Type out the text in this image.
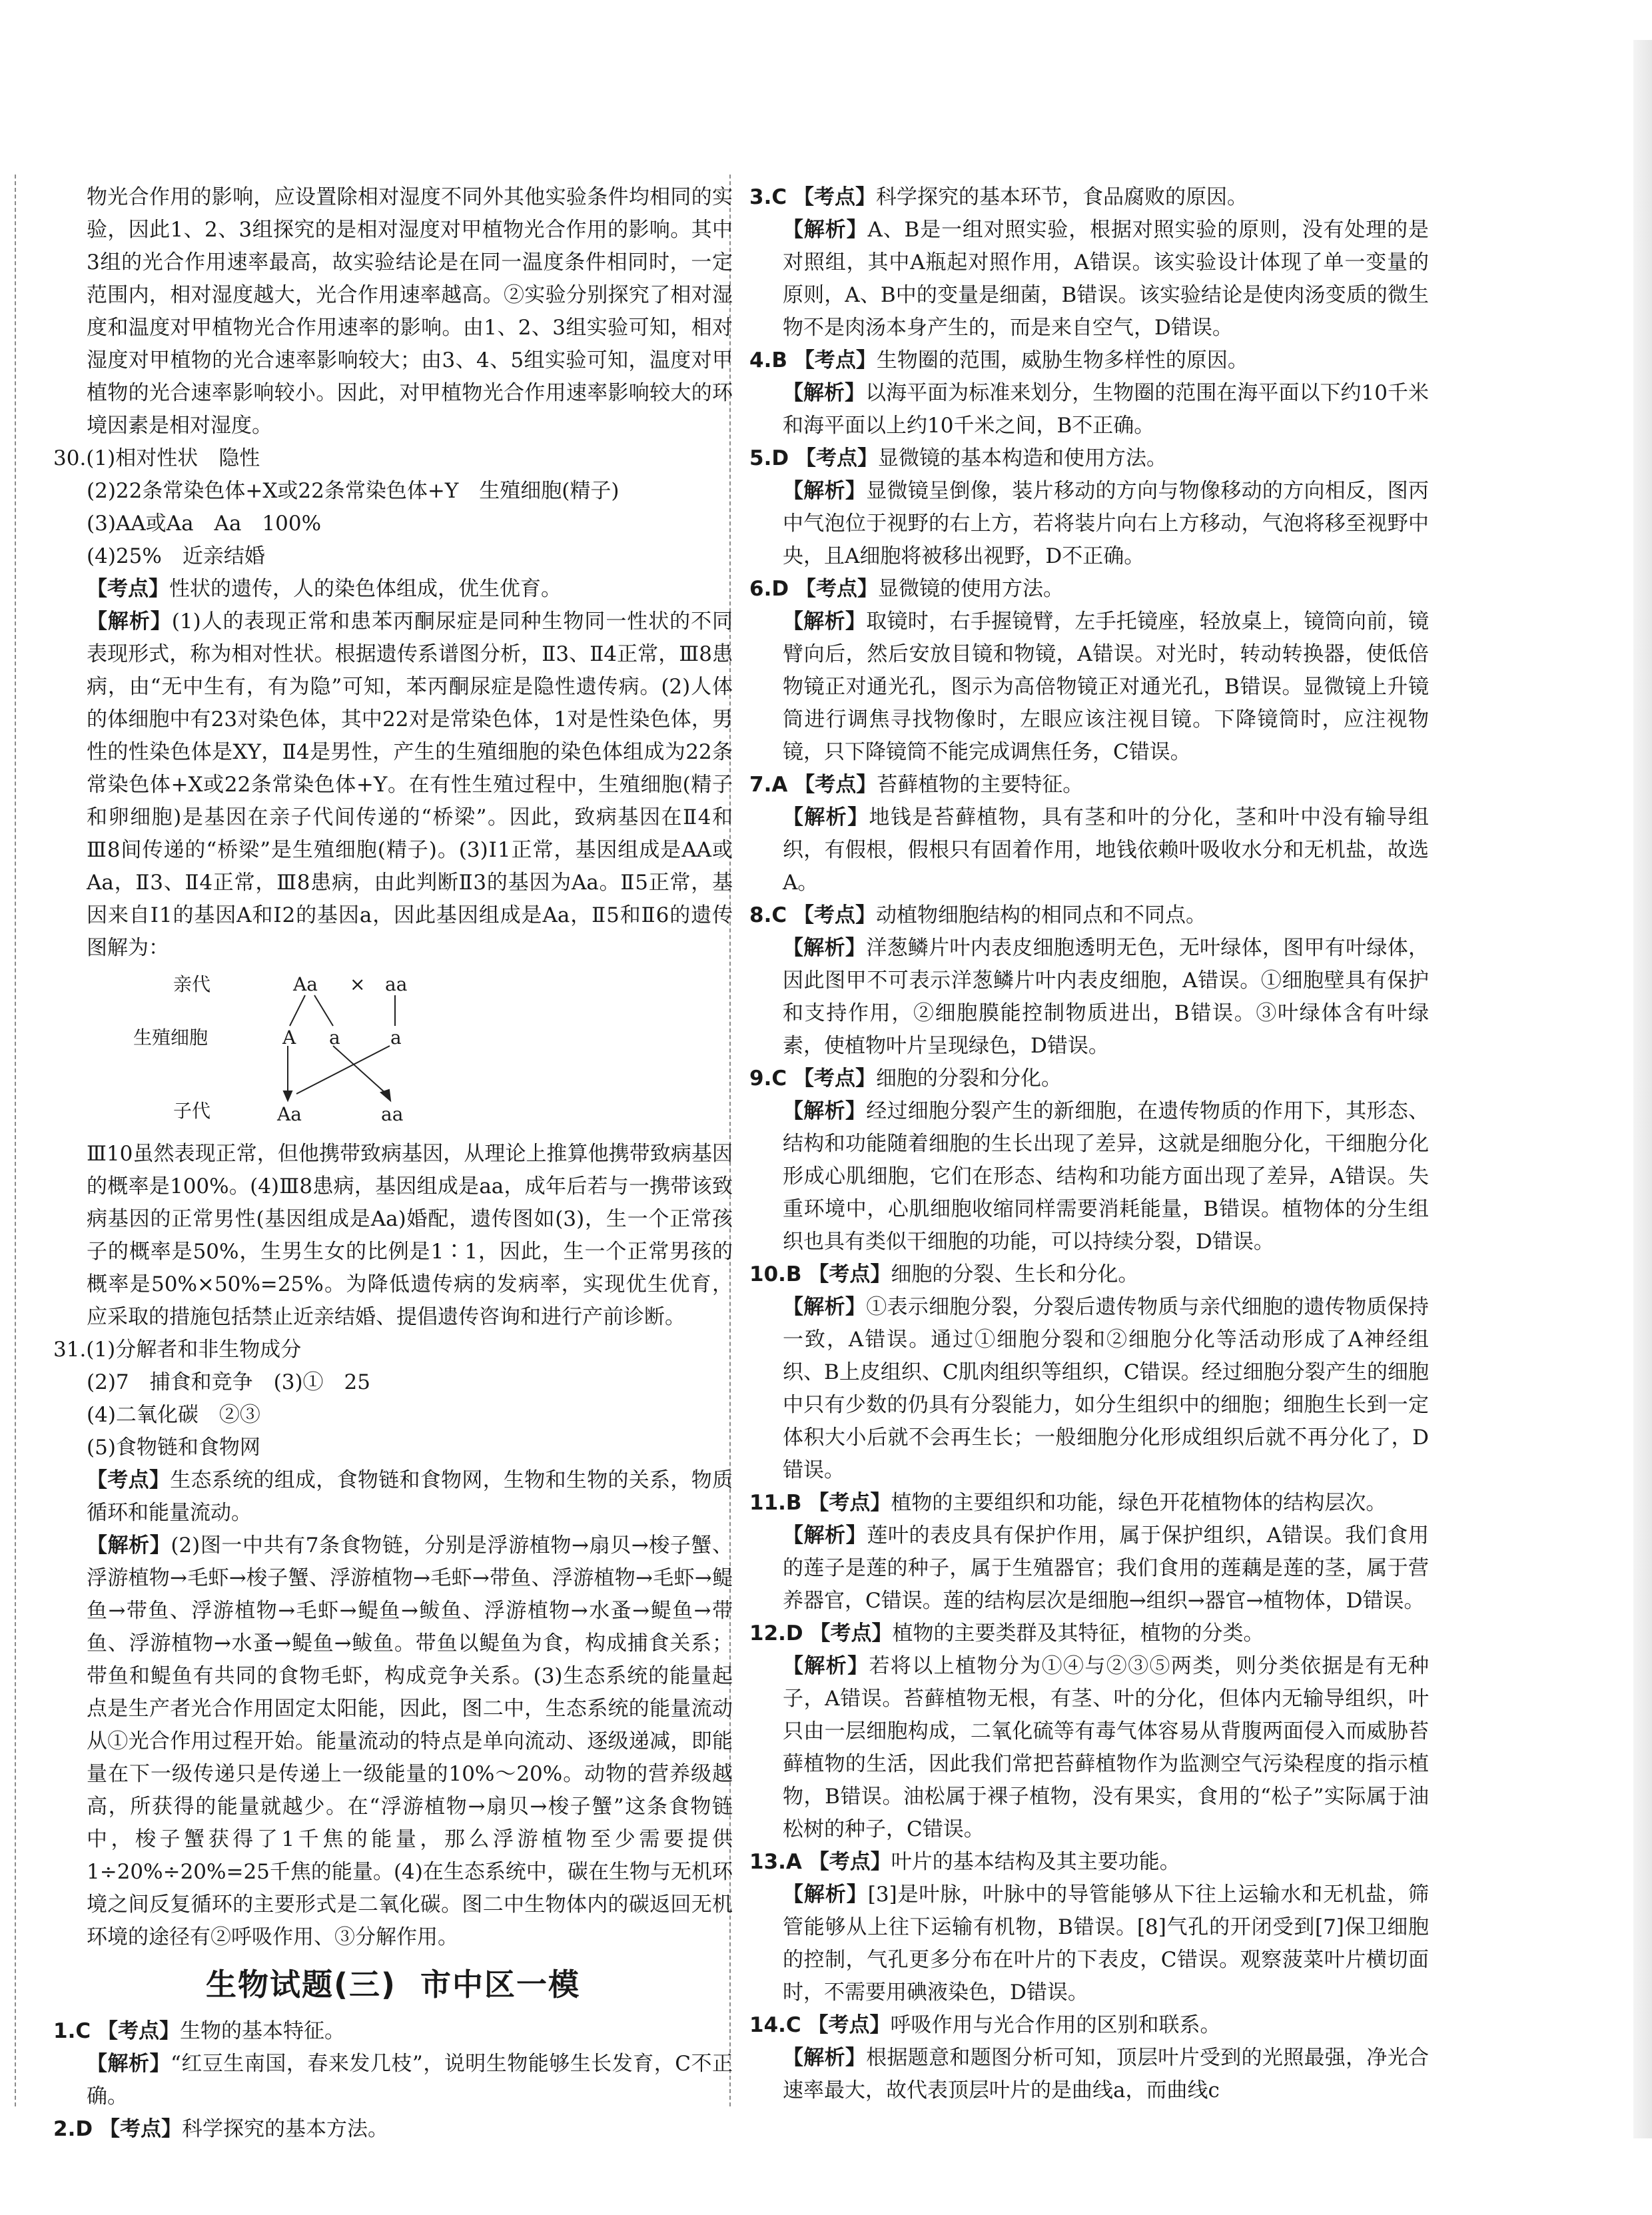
物光合作用的影响，应设置除相对湿度不同外其他实验条件均相同的实验，因此1、2、3组探究的是相对湿度对甲植物光合作用的影响。其中3组的光合作用速率最高，故实验结论是在同一温度条件相同时，一定范围内，相对湿度越大，光合作用速率越高。②实验分别探究了相对湿度和温度对甲植物光合作用速率的影响。由1、2、3组实验可知，相对湿度对甲植物的光合速率影响较大；由3、4、5组实验可知，温度对甲植物的光合速率影响较小。因此，对甲植物光合作用速率影响较大的环境因素是相对湿度。

30.(1)相对性状　隐性

(2)22条常染色体+X或22条常染色体+Y　生殖细胞(精子)

(3)AA或Aa　Aa　100%

(4)25%　近亲结婚

【考点】性状的遗传，人的染色体组成，优生优育。

【解析】(1)人的表现正常和患苯丙酮尿症是同种生物同一性状的不同表现形式，称为相对性状。根据遗传系谱图分析，Ⅱ3、Ⅱ4正常，Ⅲ8患病，由“无中生有，有为隐”可知，苯丙酮尿症是隐性遗传病。(2)人体的体细胞中有23对染色体，其中22对是常染色体，1对是性染色体，男性的性染色体是XY，Ⅱ4是男性，产生的生殖细胞的染色体组成为22条常染色体+X或22条常染色体+Y。在有性生殖过程中，生殖细胞(精子和卵细胞)是基因在亲子代间传递的“桥梁”。因此，致病基因在Ⅱ4和Ⅲ8间传递的“桥梁”是生殖细胞(精子)。(3)Ⅰ1正常，基因组成是AA或Aa，Ⅱ3、Ⅱ4正常，Ⅲ8患病，由此判断Ⅱ3的基因为Aa。Ⅱ5正常，基因来自Ⅰ1的基因A和Ⅰ2的基因a，因此基因组成是Aa，Ⅱ5和Ⅱ6的遗传图解为：

亲代	Aa × aa
生殖细胞	A a	a
子代	Aa	aa

Ⅲ10虽然表现正常，但他携带致病基因，从理论上推算他携带致病基因的概率是100%。(4)Ⅲ8患病，基因组成是aa，成年后若与一携带该致病基因的正常男性(基因组成是Aa)婚配，遗传图如(3)，生一个正常孩子的概率是50%，生男生女的比例是1∶1，因此，生一个正常男孩的概率是50%×50%=25%。为降低遗传病的发病率，实现优生优育，应采取的措施包括禁止近亲结婚、提倡遗传咨询和进行产前诊断。

31.(1)分解者和非生物成分

(2)7　捕食和竞争　(3)①　25

(4)二氧化碳　②③

(5)食物链和食物网

【考点】生态系统的组成，食物链和食物网，生物和生物的关系，物质循环和能量流动。

【解析】(2)图一中共有7条食物链，分别是浮游植物→扇贝→梭子蟹、浮游植物→毛虾→梭子蟹、浮游植物→毛虾→带鱼、浮游植物→毛虾→鳀鱼→带鱼、浮游植物→毛虾→鳀鱼→鲅鱼、浮游植物→水蚤→鳀鱼→带鱼、浮游植物→水蚤→鳀鱼→鲅鱼。带鱼以鳀鱼为食，构成捕食关系；带鱼和鳀鱼有共同的食物毛虾，构成竞争关系。(3)生态系统的能量起点是生产者光合作用固定太阳能，因此，图二中，生态系统的能量流动从①光合作用过程开始。能量流动的特点是单向流动、逐级递减，即能量在下一级传递只是传递上一级能量的10%～20%。动物的营养级越高，所获得的能量就越少。在“浮游植物→扇贝→梭子蟹”这条食物链中，梭子蟹获得了1千焦的能量，那么浮游植物至少需要提供1÷20%÷20%=25千焦的能量。(4)在生态系统中，碳在生物与无机环境之间反复循环的主要形式是二氧化碳。图二中生物体内的碳返回无机环境的途径有②呼吸作用、③分解作用。

生物试题(三) 市中区一模

1.C 【考点】生物的基本特征。

【解析】“红豆生南国，春来发几枝”，说明生物能够生长发育，C不正确。

2.D 【考点】科学探究的基本方法。

3.C 【考点】科学探究的基本环节，食品腐败的原因。

【解析】A、B是一组对照实验，根据对照实验的原则，没有处理的是对照组，其中A瓶起对照作用，A错误。该实验设计体现了单一变量的原则，A、B中的变量是细菌，B错误。该实验结论是使肉汤变质的微生物不是肉汤本身产生的，而是来自空气，D错误。

4.B 【考点】生物圈的范围，威胁生物多样性的原因。

【解析】以海平面为标准来划分，生物圈的范围在海平面以下约10千米和海平面以上约10千米之间，B不正确。

5.D 【考点】显微镜的基本构造和使用方法。

【解析】显微镜呈倒像，装片移动的方向与物像移动的方向相反，图丙中气泡位于视野的右上方，若将装片向右上方移动，气泡将移至视野中央，且A细胞将被移出视野，D不正确。

6.D 【考点】显微镜的使用方法。

【解析】取镜时，右手握镜臂，左手托镜座，轻放桌上，镜筒向前，镜臂向后，然后安放目镜和物镜，A错误。对光时，转动转换器，使低倍物镜正对通光孔，图示为高倍物镜正对通光孔，B错误。显微镜上升镜筒进行调焦寻找物像时，左眼应该注视目镜。下降镜筒时，应注视物镜，只下降镜筒不能完成调焦任务，C错误。

7.A 【考点】苔藓植物的主要特征。

【解析】地钱是苔藓植物，具有茎和叶的分化，茎和叶中没有输导组织，有假根，假根只有固着作用，地钱依赖叶吸收水分和无机盐，故选A。

8.C 【考点】动植物细胞结构的相同点和不同点。

【解析】洋葱鳞片叶内表皮细胞透明无色，无叶绿体，图甲有叶绿体，因此图甲不可表示洋葱鳞片叶内表皮细胞，A错误。①细胞壁具有保护和支持作用，②细胞膜能控制物质进出，B错误。③叶绿体含有叶绿素，使植物叶片呈现绿色，D错误。

9.C 【考点】细胞的分裂和分化。

【解析】经过细胞分裂产生的新细胞，在遗传物质的作用下，其形态、结构和功能随着细胞的生长出现了差异，这就是细胞分化，干细胞分化形成心肌细胞，它们在形态、结构和功能方面出现了差异，A错误。失重环境中，心肌细胞收缩同样需要消耗能量，B错误。植物体的分生组织也具有类似干细胞的功能，可以持续分裂，D错误。

10.B 【考点】细胞的分裂、生长和分化。

【解析】①表示细胞分裂，分裂后遗传物质与亲代细胞的遗传物质保持一致，A错误。通过①细胞分裂和②细胞分化等活动形成了A神经组织、B上皮组织、C肌肉组织等组织，C错误。经过细胞分裂产生的细胞中只有少数的仍具有分裂能力，如分生组织中的细胞；细胞生长到一定体积大小后就不会再生长；一般细胞分化形成组织后就不再分化了，D错误。

11.B 【考点】植物的主要组织和功能，绿色开花植物体的结构层次。

【解析】莲叶的表皮具有保护作用，属于保护组织，A错误。我们食用的莲子是莲的种子，属于生殖器官；我们食用的莲藕是莲的茎，属于营养器官，C错误。莲的结构层次是细胞→组织→器官→植物体，D错误。

12.D 【考点】植物的主要类群及其特征，植物的分类。

【解析】若将以上植物分为①④与②③⑤两类，则分类依据是有无种子，A错误。苔藓植物无根，有茎、叶的分化，但体内无输导组织，叶只由一层细胞构成，二氧化硫等有毒气体容易从背腹两面侵入而威胁苔藓植物的生活，因此我们常把苔藓植物作为监测空气污染程度的指示植物，B错误。油松属于裸子植物，没有果实，食用的“松子”实际属于油松树的种子，C错误。

13.A 【考点】叶片的基本结构及其主要功能。

【解析】[3]是叶脉，叶脉中的导管能够从下往上运输水和无机盐，筛管能够从上往下运输有机物，B错误。[8]气孔的开闭受到[7]保卫细胞的控制，气孔更多分布在叶片的下表皮，C错误。观察菠菜叶片横切面时，不需要用碘液染色，D错误。

14.C 【考点】呼吸作用与光合作用的区别和联系。

【解析】根据题意和题图分析可知，顶层叶片受到的光照最强，净光合速率最大，故代表顶层叶片的是曲线a，而曲线c
